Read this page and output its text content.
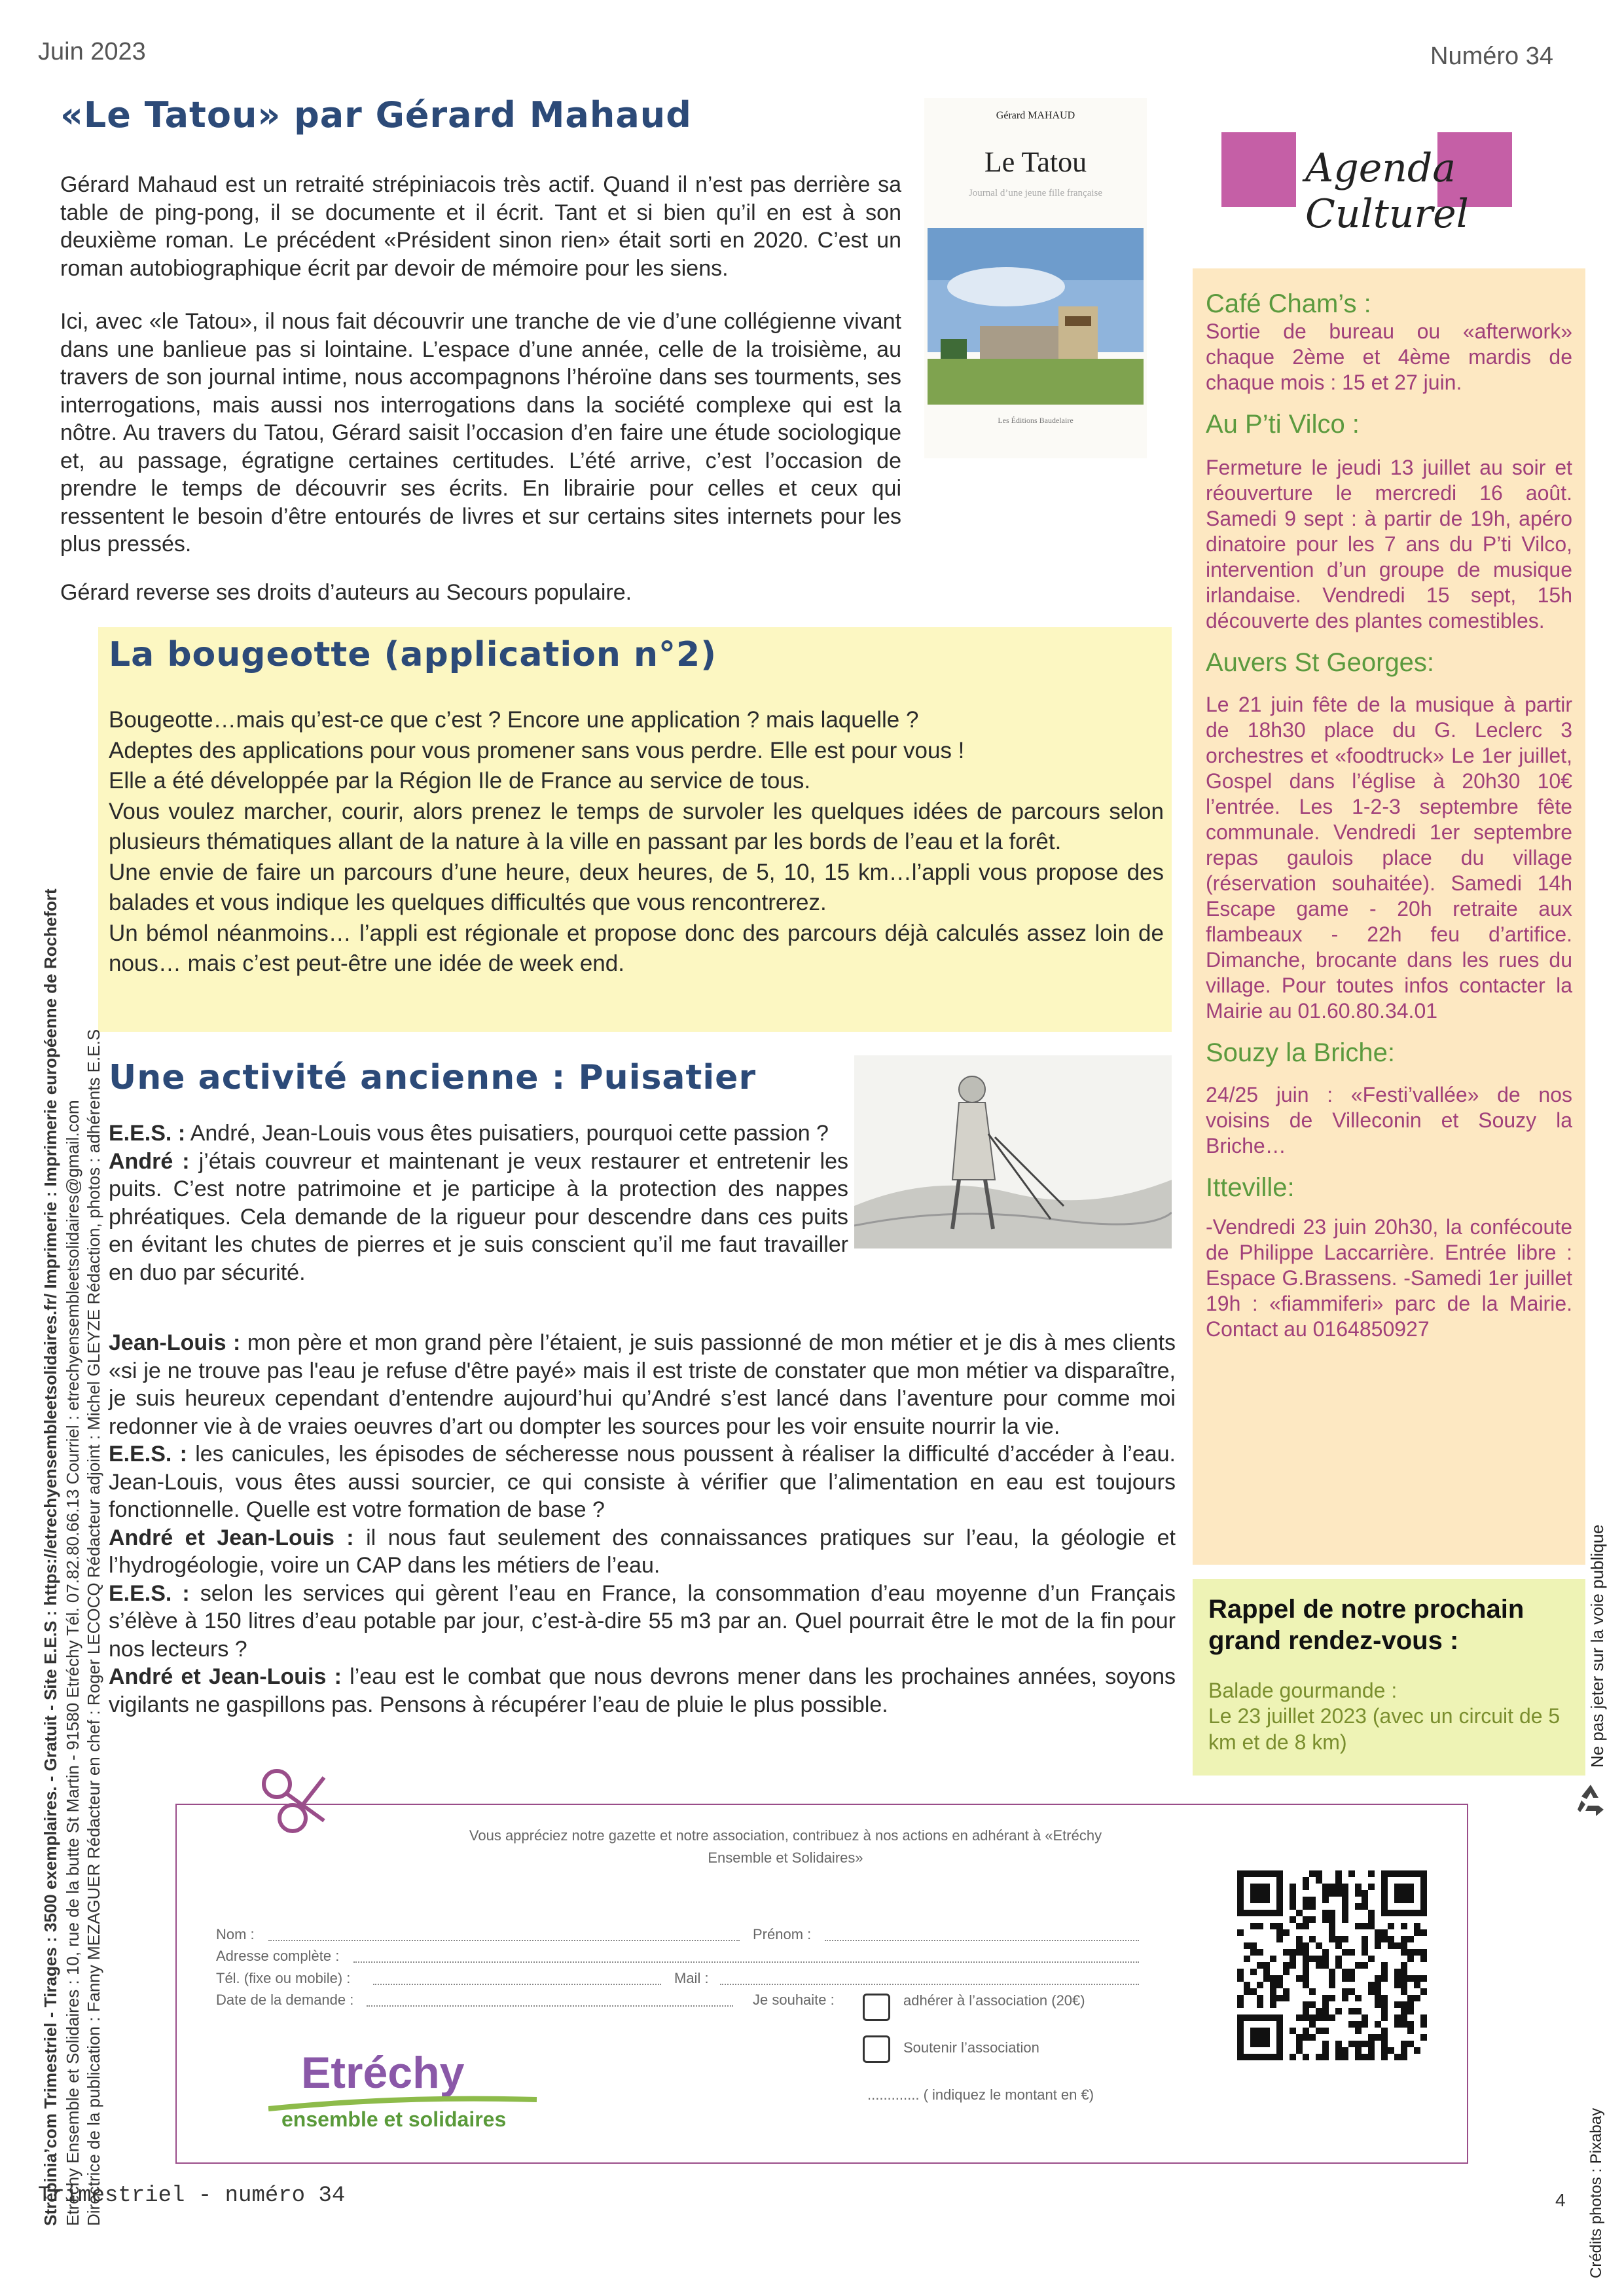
Juin 2023	Numéro 34
«Le Tatou» par Gérard Mahaud	Gérard MAHAUD
Le Tatou
Journal d’une jeune fille française
Les Éditions Baudelaire

Gérard Mahaud est un retraité strépiniacois très actif. Quand il n’est pas derrière sa table de ping-pong, il se documente et il écrit. Tant et si bien qu’il en est à son deuxième roman. Le précédent «Président sinon rien» était sorti en 2020. C’est un roman autobiographique écrit par devoir de mémoire pour les siens.

Ici, avec «le Tatou», il nous fait découvrir une tranche de vie d’une collégienne vivant dans une banlieue pas si lointaine. L’espace d’une année, celle de la troisième, au travers de son journal intime, nous accompagnons l’héroïne dans ses tourments, ses interrogations, mais aussi nos interrogations dans la société complexe qui est la nôtre. Au travers du Tatou, Gérard saisit l’occasion d’en faire une étude sociologique et, au passage, égratigne certaines certitudes. L’été arrive, c’est l’occasion de prendre le temps de découvrir ses écrits. En librairie pour celles et ceux qui ressentent le besoin d’être entourés de livres et sur certains sites internets pour les plus pressés.

Gérard reverse ses droits d’auteurs au Secours populaire.

La bougeotte (application n°2)

Bougeotte…mais qu’est-ce que c’est ? Encore une application ? mais laquelle ?

Adeptes des applications pour vous promener sans vous perdre. Elle est pour vous !

Elle a été développée par la Région Ile de France au service de tous.

Vous voulez marcher, courir, alors prenez le temps de survoler les quelques idées de parcours selon plusieurs thématiques allant de la nature à la ville en passant par les bords de l’eau et la forêt.

Une envie de faire un parcours d’une heure, deux heures, de 5, 10, 15 km…l’appli vous propose des balades et vous indique les quelques difficultés que vous rencontrerez.

Un bémol néanmoins… l’appli est régionale et propose donc des parcours déjà calculés assez loin de nous… mais c’est peut-être une idée de week end.

Une activité ancienne : Puisatier

E.E.S. : André, Jean-Louis vous êtes puisatiers, pourquoi cette passion ?

André : j’étais couvreur et maintenant je veux restaurer et entretenir les puits. C’est notre patrimoine et je participe à la protection des nappes phréatiques. Cela demande de la rigueur pour descendre dans ces puits en évitant les chutes de pierres et je suis conscient qu’il me faut travailler en duo par sécurité.

Jean-Louis : mon père et mon grand père l’étaient, je suis passionné de mon métier et je dis à mes clients «si je ne trouve pas l'eau je refuse d'être payé» mais il est triste de constater que mon métier va disparaître, je suis heureux cependant d’entendre aujourd’hui qu’André s’est lancé dans l’aventure pour comme moi redonner vie à de vraies oeuvres d’art ou dompter les sources pour les voir ensuite nourrir la vie.

E.E.S. : les canicules, les épisodes de sécheresse nous poussent à réaliser la difficulté d’accéder à l’eau. Jean-Louis, vous êtes aussi sourcier, ce qui consiste à vérifier que l’alimentation en eau est toujours fonctionnelle. Quelle est votre formation de base ?

André et Jean-Louis : il nous faut seulement des connaissances pratiques sur l’eau, la géologie et l’hydrogéologie, voire un CAP dans les métiers de l’eau.

E.E.S. : selon les services qui gèrent l’eau en France, la consommation d’eau moyenne d’un Français s’élève à 150 litres d’eau potable par jour, c’est-à-dire 55 m3 par an. Quel pourrait être le mot de la fin pour nos lecteurs ?

André et Jean-Louis : l’eau est le combat que nous devrons mener dans les prochaines années, soyons vigilants ne gaspillons pas. Pensons à récupérer l’eau de pluie le plus possible.

Agenda Culturel
Café Cham’s :
Sortie de bureau ou «afterwork» chaque 2ème et 4ème mardis de chaque mois : 15 et 27 juin.
Au P’ti Vilco :
Fermeture le jeudi 13 juillet au soir et réouverture le mercredi 16 août. Samedi 9 sept : à partir de 19h, apéro dinatoire pour les 7 ans du P’ti Vilco, intervention d’un groupe de musique irlandaise. Vendredi 15 sept, 15h découverte des plantes comestibles.
Auvers St Georges:
Le 21 juin fête de la musique à partir de 18h30 place du G. Leclerc 3 orchestres et «foodtruck» Le 1er juillet, Gospel dans l’église à 20h30 10€ l’entrée. Les 1-2-3 septembre fête communale. Vendredi 1er septembre repas gaulois place du village (réservation souhaitée). Samedi 14h Escape game - 20h retraite aux flambeaux - 22h feu d’artifice. Dimanche, brocante dans les rues du village. Pour toutes infos contacter la Mairie au 01.60.80.34.01
Souzy la Briche:
24/25 juin : «Festi’vallée» de nos voisins de Villeconin et Souzy la Briche…
Itteville:
-Vendredi 23 juin 20h30, la confécoute de Philippe Laccarrière. Entrée libre : Espace G.Brassens. -Samedi 1er juillet 19h : «fiammiferi» parc de la Mairie. Contact au 0164850927
Rappel de notre prochain grand rendez-vous :
Balade gourmande :
Le 23 juillet 2023 (avec un circuit de 5 km et de 8 km)	Ne pas jeter sur la voie publique
Crédits photos : Pixabay
Strépinia’com Trimestriel - Tirages : 3500 exemplaires. - Gratuit - Site E.E.S : https://etrechyensembleetsolidaires.fr/ Imprimerie : Imprimerie européenne de Rochefort Etréchy Ensemble et Solidaires : 10, rue de la butte St Martin - 91580 Etréchy Tél. 07.82.80.66.13 Courriel : etrechyensembleetsolidaires@gmail.com Directrice de la publication : Fanny MEZAGUER Rédacteur en chef : Roger LECOCQ Rédacteur adjoint : Michel GLEYZE Rédaction, photos : adhérents E.E.S	Vous appréciez notre gazette et notre association, contribuez à nos actions en adhérant à «Etréchy Ensemble et Solidaires»
Nom :	Prénom :
Adresse complète :
Tél. (fixe ou mobile) :	Mail :
Date de la demande :	Je souhaite :	adhérer à l’association (20€)
Soutenir l’association
............. ( indiquez le montant en €)
Etréchy
ensemble et solidaires
Trimestriel - numéro 34	4
